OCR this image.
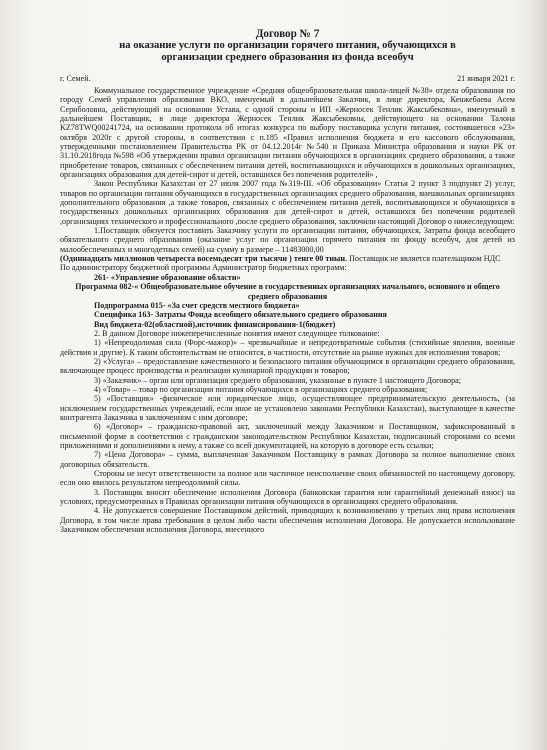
Договор № 7
на оказание услуги по организации горячего питания, обучающихся в
организации среднего образования из фонда всеобуч
г. Семей.	21 января 2021 г.

Коммунальное государственное учреждение «Средняя общеобразовательная школа-лицей №38» отдела образования по городу Семей управления образования ВКО, именуемый в дальнейшем Заказчик, в лице директора, Кенжебаева Асем Сериболовна, действующий на основании Устава, с одной стороны и ИП «Жерносек Тенлик Жаксыбековна», именуемый в дальнейшем Поставщик, в лице директора Жерносек Тенлик Жаксыбековны, действующего на основании Талона KZ78TWQ00241724, на основании протокола об итогах конкурса по выбору поставщика услуги питания, состоявшегося «23» октября 2020г с другой стороны, в соответствии с п.185 «Правил исполнения бюджета и его кассового обслуживания, утвержденными постановлением Правительства РК от 04.12.2014г №540 и Приказа Министра образования и науки РК от 31.10.2018года №598 «Об утверждении правил организации питания обучающихся в организациях среднего образования, а также приобретение товаров, связанных с обеспечением питания детей, воспитывающихся и обучающихся в дошкольных организациях, организациях образования для детей-сирот и детей, оставшихся без попечения родителей» ,

Закон Республики Казахстан от 27 июля 2007 года №319-III. «Об образовании» Статья 2 пункт 3 подпункт 2) услуг, товаров по организации питания обучающихся в государственных организациях среднего образования, внешкольных организациях дополнительного образования ,а также товаров, связанных с обеспечением питания детей, воспитывающихся и обучающихся в государственных дошкольных организациях образования для детей-сирот и детей, оставшихся без попечения родителей ,организациях технического и профессионального ,после среднего образования, заключили настоящий Договор о нижеследующем:

1.Поставщик обязуется поставить Заказчику услуги по организации питания, обучающихся, Затраты фонда всеобщего обязательного среднего образования (оказание услуг по организации горячего питания по фонду всеобуч, для детей из малообеспеченных и многодетных семей) на сумму в размере – 11483000,00

(Одиннадцать миллионов четыреста восемьдесят три тысячи ) тенге 00 тиын. Поставщик не является плательщиком НДС

По администратору бюджетной программы Администратор бюджетных программ:

261- «Управление образование области»

Программа 082-« Общеобразовательное обучение в государственных организациях начального, основного и общего среднего образования

Подпрограмма 015- «За счет средств местного бюджета»

Специфика 163- Затраты Фонда всеобщего обязательного среднего образования

Вид бюджета-02(областной),источник финансирования-1(бюджет)

2. В данном Договоре нижеперечисленные понятия имеют следующее толкование:

1) «Непреодолимая сила (Форс-мажор)» – чрезвычайные и непредотвратимые события (стихийные явления, военные действия и другие). К таким обстоятельствам не относится, в частности, отсутствие на рынке нужных для исполнения товаров;

2) «Услуга» – предоставление качественного и безопасного питания обучающимся в организации среднего образования, включающее процесс производства и реализации кулинарной продукции и товаров;

3) «Заказчик» – орган или организация среднего образования, указанные в пункте 1 настоящего Договора;

4) «Товар» – товар по организации питания обучающихся в организациях среднего образования;

5) «Поставщик» -физическое или юридическое лицо, осуществляющее предпринимательскую деятельность, (за исключением государственных учреждений, если иное не установлено законами Республики Казахстан), выступающее в качестве контрагента Заказчика в заключенном с ним договоре;

6) «Договор» – гражданско-правовой акт, заключенный между Заказчиком и Поставщиком, зафиксированный в письменной форме в соответствии с гражданским законодательством Республики Казахстан, подписанный сторонами со всеми приложениями и дополнениями к нему, а также со всей документацией, на которую в договоре есть ссылки;

7) «Цена Договора» – сумма, выплаченная Заказчиком Поставщику в рамках Договора за полное выполнение своих договорных обязательств.

Стороны не несут ответственности за полное или частичное неисполнение своих обязанностей по настоящему договору, если оно явилось результатом непреодолимой силы.

3. Поставщик вносит обеспечение исполнения Договора (банковская гарантия или гарантийный денежный взнос) на условиях, предусмотренных в Правилах организации питания обучающихся в организациях среднего образования.

4. Не допускается совершение Поставщиком действий, приводящих к возникновению у третьих лиц права исполнения Договора, в том числе права требования в целом либо части обеспечения исполнения Договора. Не допускается использование Заказчиком обеспечения исполнения Договора, внесенного
